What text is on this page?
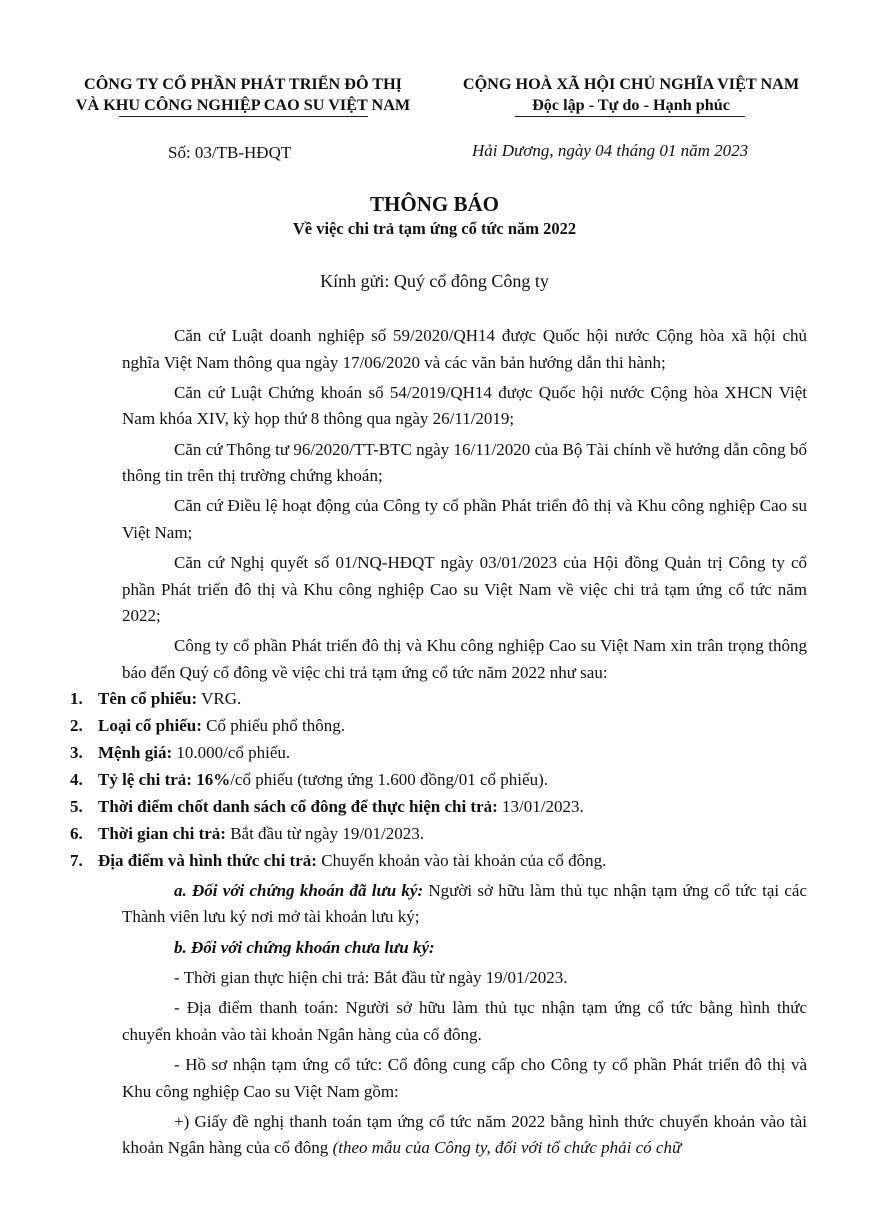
CÔNG TY CỔ PHẦN PHÁT TRIỂN ĐÔ THỊ
VÀ KHU CÔNG NGHIỆP CAO SU VIỆT NAM
CỘNG HOÀ XÃ HỘI CHỦ NGHĨA VIỆT NAM
Độc lập - Tự do - Hạnh phúc
Số: 03/TB-HĐQT	Hải Dương, ngày 04 tháng 01 năm 2023
THÔNG BÁO
Về việc chi trả tạm ứng cổ tức năm 2022
Kính gửi: Quý cổ đông Công ty

Căn cứ Luật doanh nghiệp số 59/2020/QH14 được Quốc hội nước Cộng hòa xã hội chủ nghĩa Việt Nam thông qua ngày 17/06/2020 và các văn bản hướng dẫn thi hành;

Căn cứ Luật Chứng khoán số 54/2019/QH14 được Quốc hội nước Cộng hòa XHCN Việt Nam khóa XIV, kỳ họp thứ 8 thông qua ngày 26/11/2019;

Căn cứ Thông tư 96/2020/TT-BTC ngày 16/11/2020 của Bộ Tài chính về hướng dẫn công bố thông tin trên thị trường chứng khoán;

Căn cứ Điều lệ hoạt động của Công ty cổ phần Phát triển đô thị và Khu công nghiệp Cao su Việt Nam;

Căn cứ Nghị quyết số 01/NQ-HĐQT ngày 03/01/2023 của Hội đồng Quản trị Công ty cổ phần Phát triển đô thị và Khu công nghiệp Cao su Việt Nam về việc chi trả tạm ứng cổ tức năm 2022;

Công ty cổ phần Phát triển đô thị và Khu công nghiệp Cao su Việt Nam xin trân trọng thông báo đến Quý cổ đông về việc chi trả tạm ứng cổ tức năm 2022 như sau:

1. Tên cổ phiếu: VRG.
2. Loại cổ phiếu: Cổ phiếu phổ thông.
3. Mệnh giá: 10.000/cổ phiếu.
4. Tỷ lệ chi trả: 16%/cổ phiếu (tương ứng 1.600 đồng/01 cổ phiếu).
5. Thời điểm chốt danh sách cổ đông để thực hiện chi trả: 13/01/2023.
6. Thời gian chi trả: Bắt đầu từ ngày 19/01/2023.
7. Địa điểm và hình thức chi trả: Chuyển khoản vào tài khoản của cổ đông.

a. Đối với chứng khoán đã lưu ký: Người sở hữu làm thủ tục nhận tạm ứng cổ tức tại các Thành viên lưu ký nơi mở tài khoản lưu ký;

b. Đối với chứng khoán chưa lưu ký:

- Thời gian thực hiện chi trả: Bắt đầu từ ngày 19/01/2023.

- Địa điểm thanh toán: Người sở hữu làm thủ tục nhận tạm ứng cổ tức bằng hình thức chuyển khoản vào tài khoản Ngân hàng của cổ đông.

- Hồ sơ nhận tạm ứng cổ tức: Cổ đông cung cấp cho Công ty cổ phần Phát triển đô thị và Khu công nghiệp Cao su Việt Nam gồm:

+) Giấy đề nghị thanh toán tạm ứng cổ tức năm 2022 bằng hình thức chuyển khoản vào tài khoản Ngân hàng của cổ đông (theo mẫu của Công ty, đối với tổ chức phải có chữ
